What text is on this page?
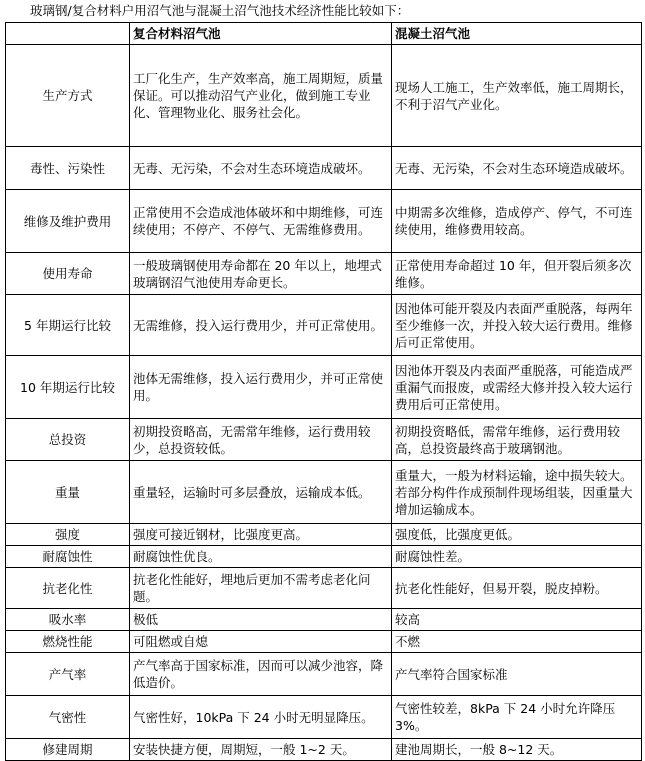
玻璃钢/复合材料户用沼气池与混凝土沼气池技术经济性能比较如下：
	复合材料沼气池	混凝土沼气池
生产方式	工厂化生产，生产效率高，施工周期短，质量保证。可以推动沼气产业化，做到施工专业化、管理物业化、服务社会化。	现场人工施工，生产效率低，施工周期长，不利于沼气产业化。
毒性、污染性	无毒、无污染，不会对生态环境造成破坏。	无毒、无污染，不会对生态环境造成破坏。
维修及维护费用	正常使用不会造成池体破坏和中期维修，可连续使用；不停产、不停气、无需维修费用。	中期需多次维修，造成停产、停气，不可连续使用，维修费用较高。
使用寿命	一般玻璃钢使用寿命都在 20 年以上，地埋式玻璃钢沼气池使用寿命更长。	正常使用寿命超过 10 年，但开裂后须多次维修。
5 年期运行比较	无需维修，投入运行费用少，并可正常使用。	因池体可能开裂及内表面严重脱落，每两年至少维修一次，并投入较大运行费用。维修后可正常使用。
10 年期运行比较	池体无需维修，投入运行费用少，并可正常使用。	因池体开裂及内表面严重脱落，可能造成严重漏气而报废，或需经大修并投入较大运行费用后可正常使用。
总投资	初期投资略高，无需常年维修，运行费用较少，总投资较低。	初期投资略低，需常年维修，运行费用较高，总投资最终高于玻璃钢池。
重量	重量轻，运输时可多层叠放，运输成本低。	重量大，一般为材料运输，途中损失较大。若部分构件作成预制件现场组装，因重量大增加运输成本。
强度	强度可接近钢材，比强度更高。	强度低，比强度更低。
耐腐蚀性	耐腐蚀性优良。	耐腐蚀性差。
抗老化性	抗老化性能好，埋地后更加不需考虑老化问题。	抗老化性能好，但易开裂，脱皮掉粉。
吸水率	极低	较高
燃烧性能	可阻燃或自熄	不燃
产气率	产气率高于国家标准，因而可以减少池容，降低造价。	产气率符合国家标准
气密性	气密性好，10kPa 下 24 小时无明显降压。	气密性较差，8kPa 下 24 小时允许降压 3%。
修建周期	安装快捷方便，周期短，一般 1~2 天。	建池周期长，一般 8~12 天。
